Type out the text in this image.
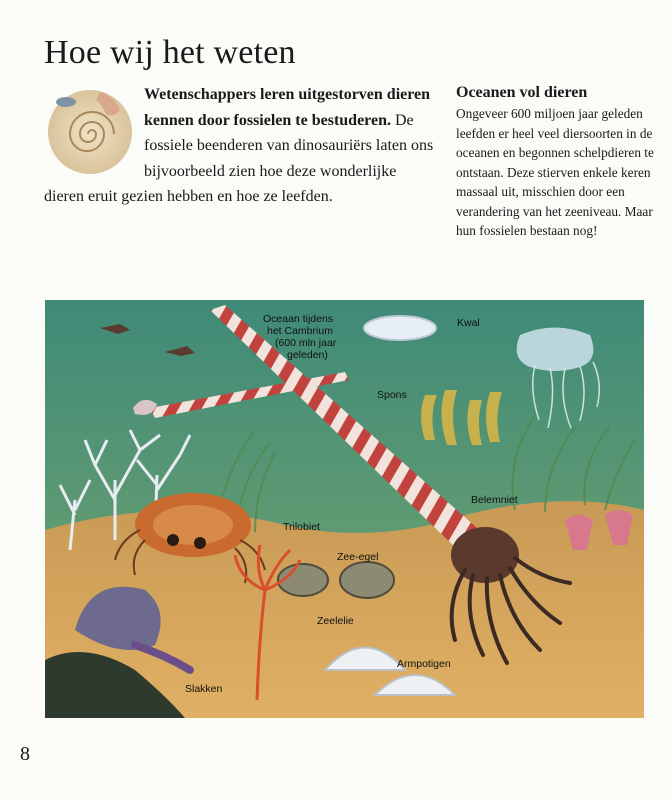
Hoe wij het weten
Wetenschappers leren uitgestorven dieren kennen door fossielen te bestuderen. De fossiele beenderen van dinosauriërs laten ons bijvoorbeeld zien hoe deze wonderlijke dieren eruit gezien hebben en hoe ze leefden.
Oceanen vol dieren
Ongeveer 600 miljoen jaar geleden leefden er heel veel diersoorten in de oceanen en begonnen schelpdieren te ontstaan. Deze stierven enkele keren massaal uit, misschien door een verandering van het zeeniveau. Maar hun fossielen bestaan nog!
Oceaan tijdens
het Cambrium
(600 mln jaar
geleden)
Kwal
Spons
Belemniet
Trilobiet
Zee-egel
Zeelelie
Armpotigen
Slakken
8
